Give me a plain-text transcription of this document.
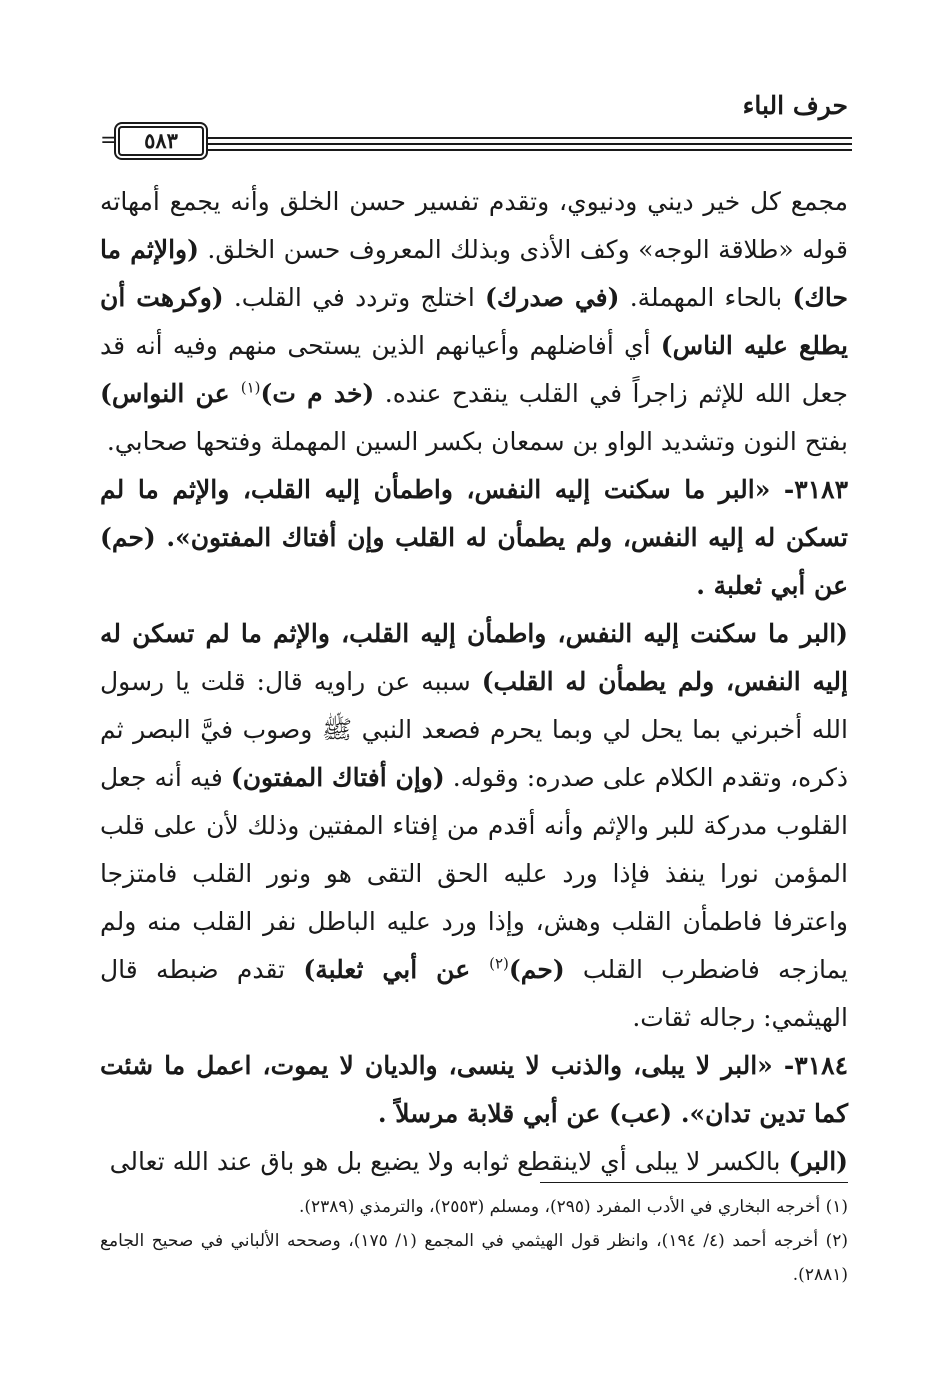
حرف الباء
=	٥٨٣

مجمع كل خير ديني ودنيوي، وتقدم تفسير حسن الخلق وأنه يجمع أمهاته قوله «طلاقة الوجه» وكف الأذى وبذلك المعروف حسن الخلق. (والإثم ما حاك) بالحاء المهملة. (في صدرك) اختلج وتردد في القلب. (وكرهت أن يطلع عليه الناس) أي أفاضلهم وأعيانهم الذين يستحى منهم وفيه أنه قد جعل الله للإثم زاجراً في القلب ينقدح عنده. (خد م ت)$^{(١)}$ عن النواس) بفتح النون وتشديد الواو بن سمعان بكسر السين المهملة وفتحها صحابي.

٣١٨٣- «البر ما سكنت إليه النفس، واطمأن إليه القلب، والإثم ما لم تسكن له إليه النفس، ولم يطمأن له القلب وإن أفتاك المفتون». (حم) عن أبي ثعلبة .

(البر ما سكنت إليه النفس، واطمأن إليه القلب، والإثم ما لم تسكن له إليه النفس، ولم يطمأن له القلب) سببه عن راويه قال: قلت يا رسول الله أخبرني بما يحل لي وبما يحرم فصعد النبي ﷺ وصوب فيَّ البصر ثم ذكره، وتقدم الكلام على صدره: وقوله. (وإن أفتاك المفتون) فيه أنه جعل القلوب مدركة للبر والإثم وأنه أقدم من إفتاء المفتين وذلك لأن على قلب المؤمن نورا ينفذ فإذا ورد عليه الحق التقى هو ونور القلب فامتزجا واعترفا فاطمأن القلب وهش، وإذا ورد عليه الباطل نفر القلب منه ولم يمازجه فاضطرب القلب (حم)$^{(٢)}$ عن أبي ثعلبة) تقدم ضبطه قال الهيثمي: رجاله ثقات.

٣١٨٤- «البر لا يبلى، والذنب لا ينسى، والديان لا يموت، اعمل ما شئت كما تدين تدان». (عب) عن أبي قلابة مرسلاً .

(البر) بالكسر لا يبلى أي لاينقطع ثوابه ولا يضيع بل هو باق عند الله تعالى

(١) أخرجه البخاري في الأدب المفرد (٢٩٥)، ومسلم (٢٥٥٣)، والترمذي (٢٣٨٩).

(٢) أخرجه أحمد (٤/ ١٩٤)، وانظر قول الهيثمي في المجمع (١/ ١٧٥)، وصححه الألباني في صحيح الجامع (٢٨٨١).
